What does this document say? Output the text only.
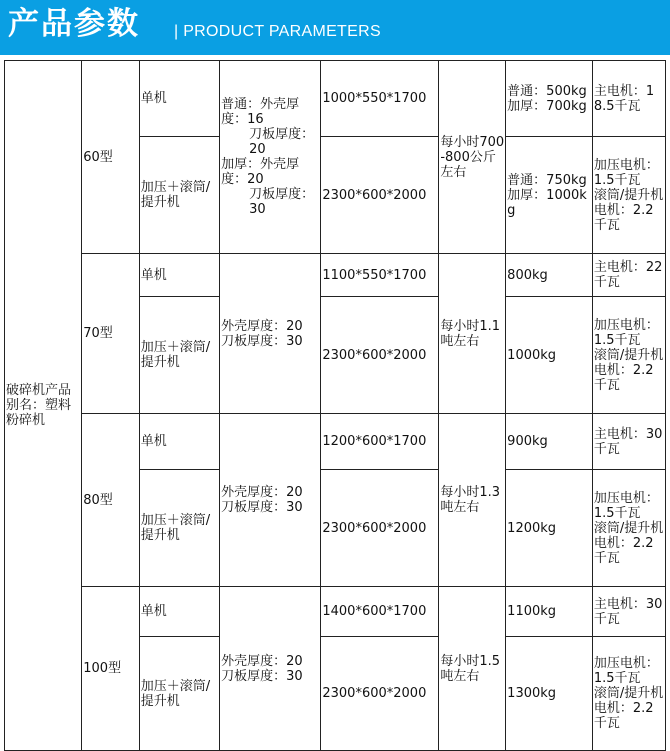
产品参数 | PRODUCT PARAMETERS
破碎机产品别名：塑料粉碎机	60型	单机	普通：外壳厚度：16
刀板厚度：20
加厚：外壳厚度：20
刀板厚度：30	1000*550*1700	每小时700-800公斤左右	普通：500kg
加厚：700kg	主电机：18.5千瓦

		加压＋滚筒/提升机		2300*600*2000		普通：750kg
加厚：1000kg	加压电机：1.5千瓦
滚筒/提升机电机：2.2千瓦

	70型	单机	外壳厚度：20
刀板厚度：30	1100*550*1700	每小时1.1吨左右	800kg	主电机：22千瓦

		加压＋滚筒/提升机		2300*600*2000		1000kg	加压电机：1.5千瓦
滚筒/提升机电机：2.2千瓦

	80型	单机	外壳厚度：20
刀板厚度：30	1200*600*1700	每小时1.3吨左右	900kg	主电机：30千瓦

		加压＋滚筒/提升机		2300*600*2000		1200kg	加压电机：1.5千瓦
滚筒/提升机电机：2.2千瓦

	100型	单机	外壳厚度：20
刀板厚度：30	1400*600*1700	每小时1.5吨左右	1100kg	主电机：30千瓦

		加压＋滚筒/提升机		2300*600*2000		1300kg	加压电机：1.5千瓦
滚筒/提升机电机：2.2千瓦
